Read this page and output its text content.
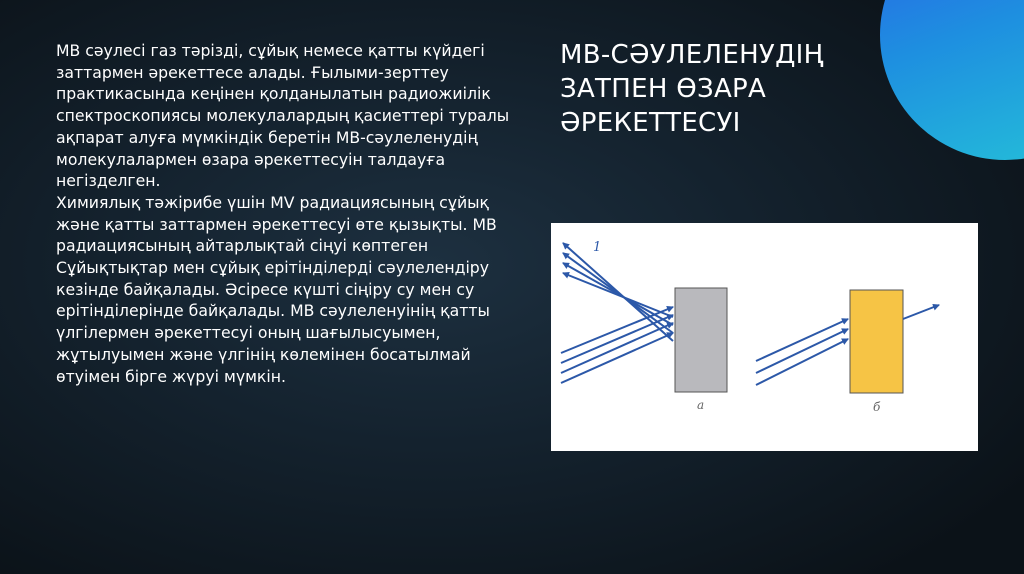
МВ сәулесі газ тәрізді, сұйық немесе қатты күйдегі заттармен әрекеттесе алады. Ғылыми-зерттеу практикасында кеңінен қолданылатын радиожиілік спектроскопиясы молекулалардың қасиеттері туралы ақпарат алуға мүмкіндік беретін МВ-сәулеленудің молекулалармен өзара әрекеттесуін талдауға негізделген.

Химиялық тәжірибе үшін MV радиациясының сұйық және қатты заттармен әрекеттесуі өте қызықты. МВ радиациясының айтарлықтай сіңуі көптеген Сұйықтықтар мен сұйық ерітінділерді сәулелендіру кезінде байқалады. Әсіресе күшті сіңіру су мен су ерітінділерінде байқалады. МВ сәулеленуінің қатты үлгілермен әрекеттесуі оның шағылысуымен, жұтылуымен және үлгінің көлемінен босатылмай өтуімен бірге жүруі мүмкін.

МВ-СӘУЛЕЛЕНУДІҢ ЗАТПЕН ӨЗАРА ӘРЕКЕТТЕСУІ
1
а	б
